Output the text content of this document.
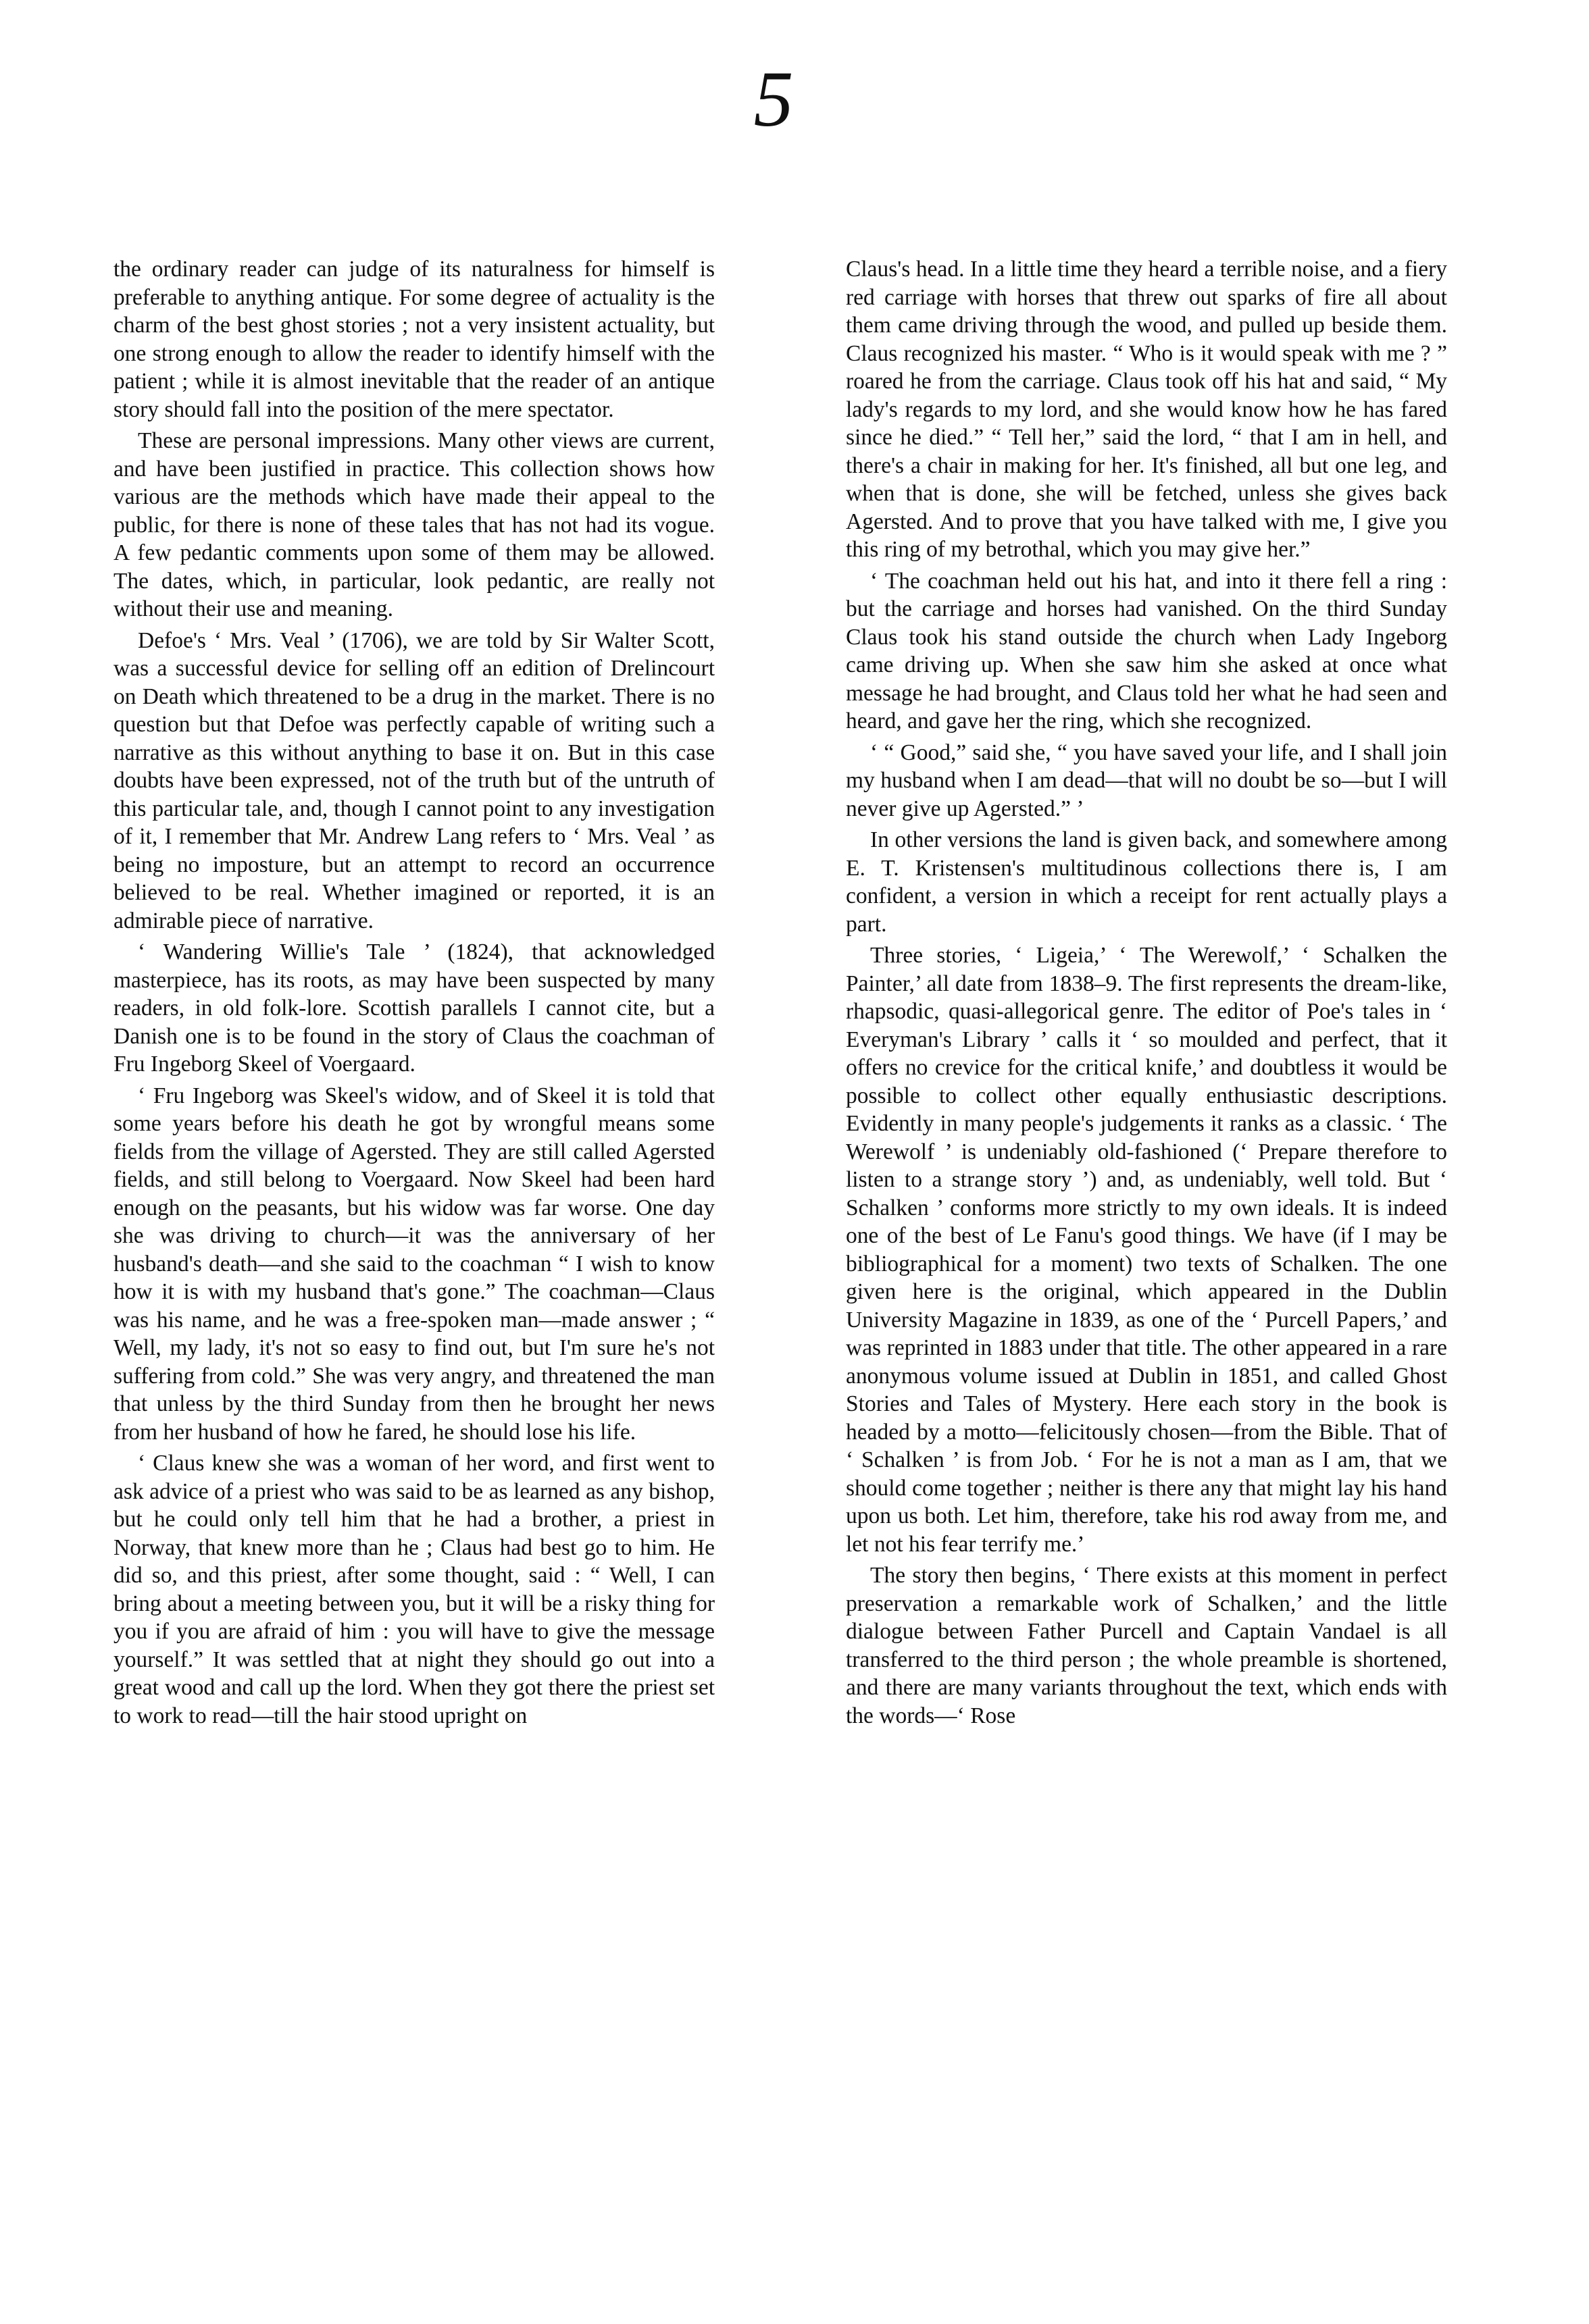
5

the ordinary reader can judge of its naturalness for himself is preferable to anything antique. For some degree of actuality is the charm of the best ghost stories ; not a very insistent actuality, but one strong enough to allow the reader to identify himself with the patient ; while it is almost inevitable that the reader of an antique story should fall into the position of the mere spectator.

These are personal impressions. Many other views are current, and have been justified in practice. This collection shows how various are the methods which have made their appeal to the public, for there is none of these tales that has not had its vogue. A few pedantic comments upon some of them may be allowed. The dates, which, in particular, look pedantic, are really not without their use and meaning.

Defoe's ‘ Mrs. Veal ’ (1706), we are told by Sir Walter Scott, was a successful device for selling off an edition of Drelincourt on Death which threatened to be a drug in the market. There is no question but that Defoe was perfectly capable of writing such a narrative as this without anything to base it on. But in this case doubts have been expressed, not of the truth but of the untruth of this particular tale, and, though I cannot point to any investigation of it, I remember that Mr. Andrew Lang refers to ‘ Mrs. Veal ’ as being no imposture, but an attempt to record an occurrence believed to be real. Whether imagined or reported, it is an admirable piece of narrative.

‘ Wandering Willie's Tale ’ (1824), that acknowledged masterpiece, has its roots, as may have been suspected by many readers, in old folk-lore. Scottish parallels I cannot cite, but a Danish one is to be found in the story of Claus the coachman of Fru Ingeborg Skeel of Voergaard.

‘ Fru Ingeborg was Skeel's widow, and of Skeel it is told that some years before his death he got by wrongful means some fields from the village of Agersted. They are still called Agersted fields, and still belong to Voergaard. Now Skeel had been hard enough on the peasants, but his widow was far worse. One day she was driving to church—it was the anniversary of her husband's death—and she said to the coachman “ I wish to know how it is with my husband that's gone.” The coachman—Claus was his name, and he was a free-spoken man—made answer ; “ Well, my lady, it's not so easy to find out, but I'm sure he's not suffering from cold.” She was very angry, and threatened the man that unless by the third Sunday from then he brought her news from her husband of how he fared, he should lose his life.

‘ Claus knew she was a woman of her word, and first went to ask advice of a priest who was said to be as learned as any bishop, but he could only tell him that he had a brother, a priest in Norway, that knew more than he ; Claus had best go to him. He did so, and this priest, after some thought, said : “ Well, I can bring about a meeting between you, but it will be a risky thing for you if you are afraid of him : you will have to give the message yourself.” It was settled that at night they should go out into a great wood and call up the lord. When they got there the priest set to work to read—till the hair stood upright on

Claus's head. In a little time they heard a terrible noise, and a fiery red carriage with horses that threw out sparks of fire all about them came driving through the wood, and pulled up beside them. Claus recognized his master. “ Who is it would speak with me ? ” roared he from the carriage. Claus took off his hat and said, “ My lady's regards to my lord, and she would know how he has fared since he died.” “ Tell her,” said the lord, “ that I am in hell, and there's a chair in making for her. It's finished, all but one leg, and when that is done, she will be fetched, unless she gives back Agersted. And to prove that you have talked with me, I give you this ring of my betrothal, which you may give her.”

‘ The coachman held out his hat, and into it there fell a ring : but the carriage and horses had vanished. On the third Sunday Claus took his stand outside the church when Lady Ingeborg came driving up. When she saw him she asked at once what message he had brought, and Claus told her what he had seen and heard, and gave her the ring, which she recognized.

‘ “ Good,” said she, “ you have saved your life, and I shall join my husband when I am dead—that will no doubt be so—but I will never give up Agersted.” ’

In other versions the land is given back, and somewhere among E. T. Kristensen's multitudinous collections there is, I am confident, a version in which a receipt for rent actually plays a part.

Three stories, ‘ Ligeia,’ ‘ The Werewolf,’ ‘ Schalken the Painter,’ all date from 1838–9. The first represents the dream-like, rhapsodic, quasi-allegorical genre. The editor of Poe's tales in ‘ Everyman's Library ’ calls it ‘ so moulded and perfect, that it offers no crevice for the critical knife,’ and doubtless it would be possible to collect other equally enthusiastic descriptions. Evidently in many people's judgements it ranks as a classic. ‘ The Werewolf ’ is undeniably old-fashioned (‘ Prepare therefore to listen to a strange story ’) and, as undeniably, well told. But ‘ Schalken ’ conforms more strictly to my own ideals. It is indeed one of the best of Le Fanu's good things. We have (if I may be bibliographical for a moment) two texts of Schalken. The one given here is the original, which appeared in the Dublin University Magazine in 1839, as one of the ‘ Purcell Papers,’ and was reprinted in 1883 under that title. The other appeared in a rare anonymous volume issued at Dublin in 1851, and called Ghost Stories and Tales of Mystery. Here each story in the book is headed by a motto—felicitously chosen—from the Bible. That of ‘ Schalken ’ is from Job. ‘ For he is not a man as I am, that we should come together ; neither is there any that might lay his hand upon us both. Let him, therefore, take his rod away from me, and let not his fear terrify me.’

The story then begins, ‘ There exists at this moment in perfect preservation a remarkable work of Schalken,’ and the little dialogue between Father Purcell and Captain Vandael is all transferred to the third person ; the whole preamble is shortened, and there are many variants throughout the text, which ends with the words—‘ Rose
